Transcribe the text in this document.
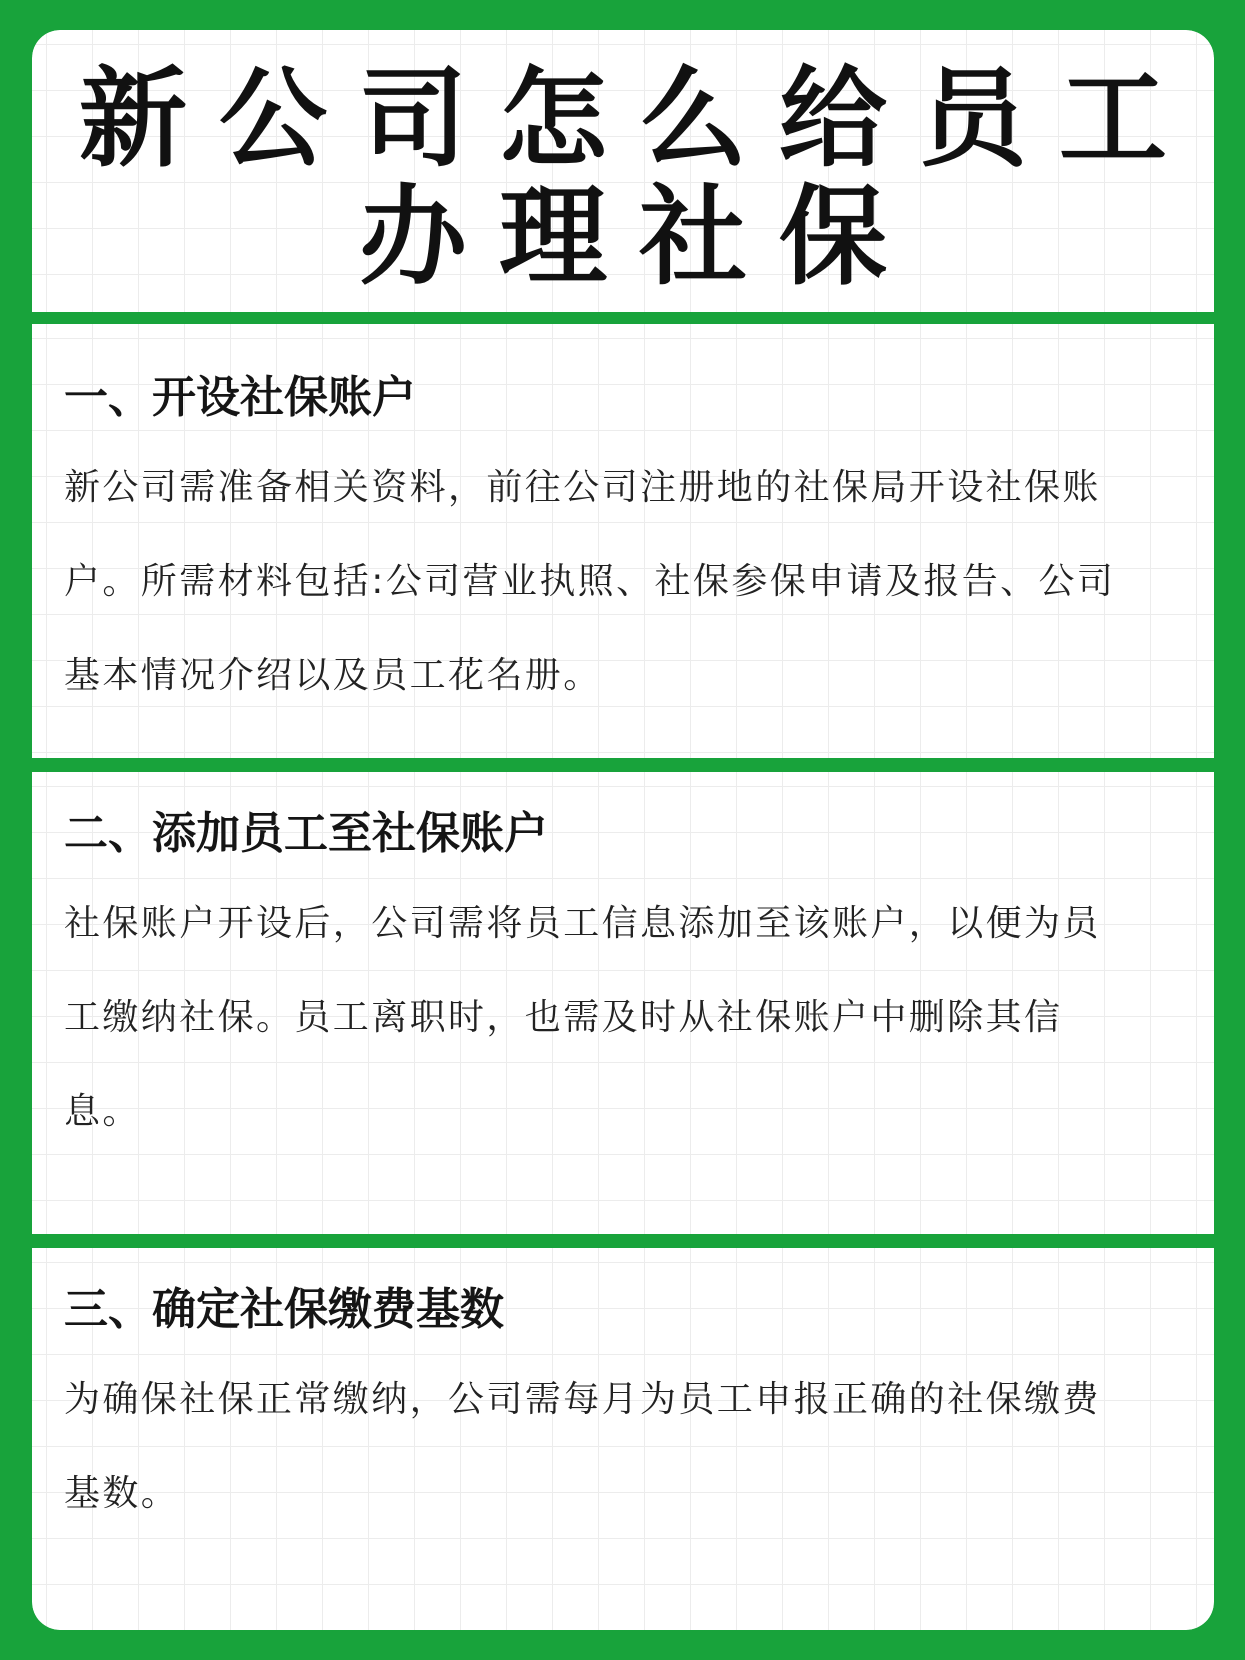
新公司怎么给员工
办理社保
一、开设社保账户
新公司需准备相关资料，前往公司注册地的社保局开设社保账
户。所需材料包括:公司营业执照、社保参保申请及报告、公司
基本情况介绍以及员工花名册。
二、添加员工至社保账户
社保账户开设后，公司需将员工信息添加至该账户，以便为员
工缴纳社保。员工离职时，也需及时从社保账户中删除其信
息。
三、确定社保缴费基数
为确保社保正常缴纳，公司需每月为员工申报正确的社保缴费
基数。
